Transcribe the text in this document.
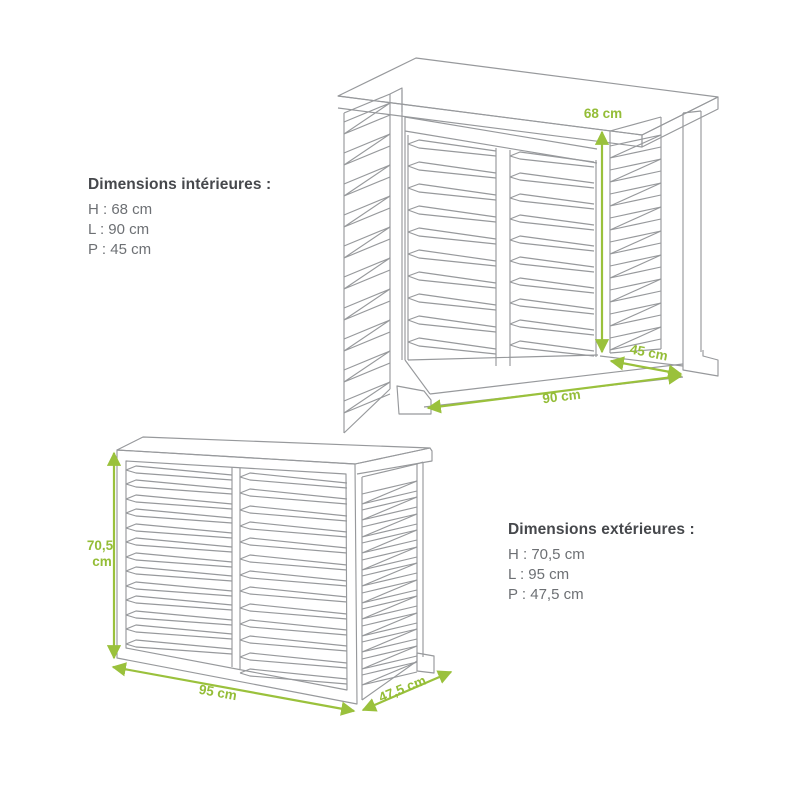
Dimensions intérieures :

H : 68 cm

L : 90 cm

P : 45 cm

Dimensions extérieures :

H : 70,5 cm

L : 95 cm

P : 47,5 cm

68 cm
45 cm
90 cm
70,5
cm
95 cm	47,5 cm
